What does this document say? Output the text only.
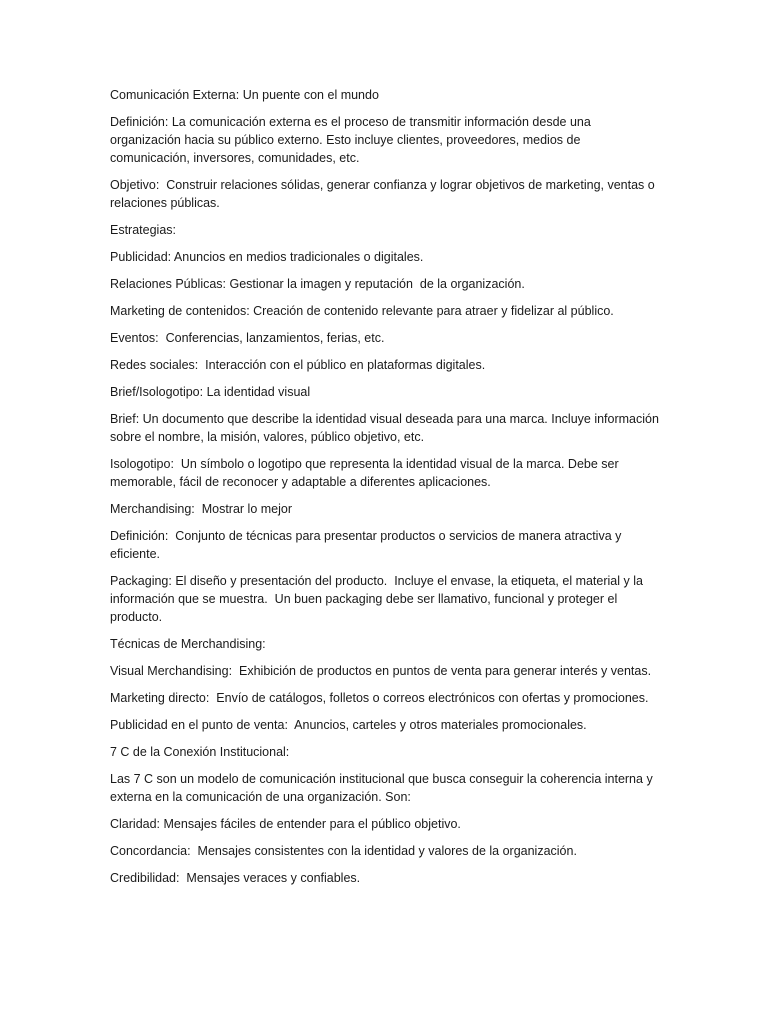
Comunicación Externa: Un puente con el mundo

Definición: La comunicación externa es el proceso de transmitir información desde una organización hacia su público externo. Esto incluye clientes, proveedores, medios de comunicación, inversores, comunidades, etc.

Objetivo:  Construir relaciones sólidas, generar confianza y lograr objetivos de marketing, ventas o relaciones públicas.

Estrategias:

Publicidad: Anuncios en medios tradicionales o digitales.

Relaciones Públicas: Gestionar la imagen y reputación  de la organización.

Marketing de contenidos: Creación de contenido relevante para atraer y fidelizar al público.

Eventos:  Conferencias, lanzamientos, ferias, etc.

Redes sociales:  Interacción con el público en plataformas digitales.

Brief/Isologotipo: La identidad visual

Brief: Un documento que describe la identidad visual deseada para una marca. Incluye información sobre el nombre, la misión, valores, público objetivo, etc.

Isologotipo:  Un símbolo o logotipo que representa la identidad visual de la marca. Debe ser memorable, fácil de reconocer y adaptable a diferentes aplicaciones.

Merchandising:  Mostrar lo mejor

Definición:  Conjunto de técnicas para presentar productos o servicios de manera atractiva y eficiente.

Packaging: El diseño y presentación del producto.  Incluye el envase, la etiqueta, el material y la información que se muestra.  Un buen packaging debe ser llamativo, funcional y proteger el producto.

Técnicas de Merchandising:

Visual Merchandising:  Exhibición de productos en puntos de venta para generar interés y ventas.

Marketing directo:  Envío de catálogos, folletos o correos electrónicos con ofertas y promociones.

Publicidad en el punto de venta:  Anuncios, carteles y otros materiales promocionales.

7 C de la Conexión Institucional:

Las 7 C son un modelo de comunicación institucional que busca conseguir la coherencia interna y externa en la comunicación de una organización. Son:

Claridad: Mensajes fáciles de entender para el público objetivo.

Concordancia:  Mensajes consistentes con la identidad y valores de la organización.

Credibilidad:  Mensajes veraces y confiables.
